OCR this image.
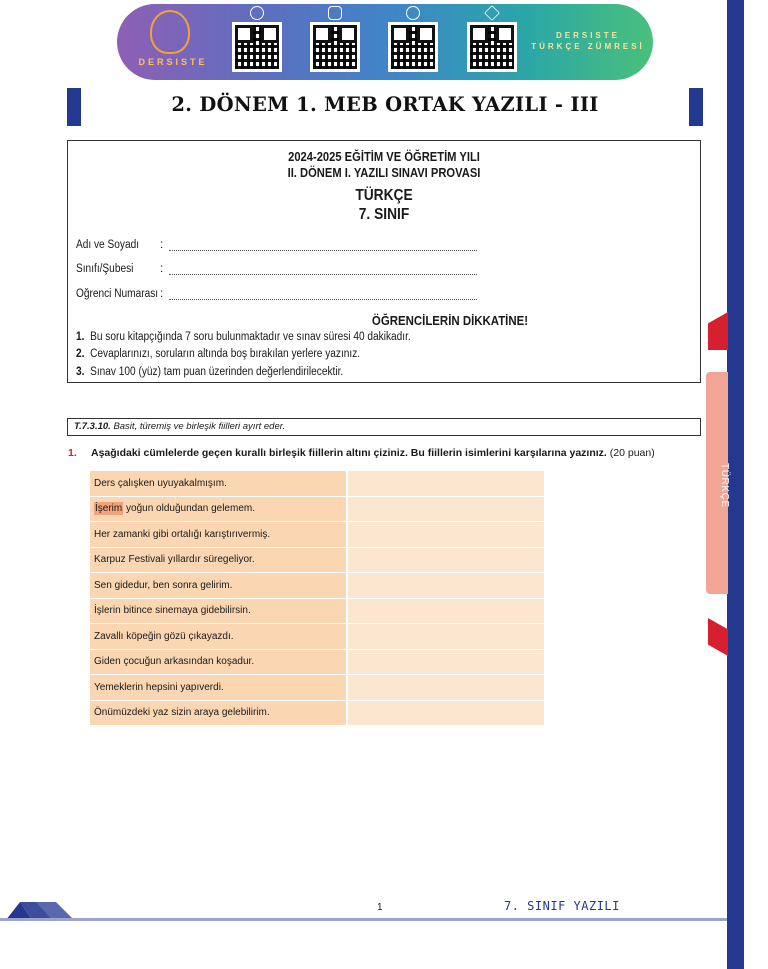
TÜRKÇE
DERSISTE
DERSISTE
TÜRKÇE ZÜMRESİ
2. DÖNEM 1. MEB ORTAK YAZILI - III
2024-2025 EĞİTİM VE ÖĞRETİM YILI
II. DÖNEM I. YAZILI SINAVI PROVASI
TÜRKÇE
7. SINIF
Adı ve Soyadı :
Sınıfı/Şubesi :
Öğrenci Numarası :
ÖĞRENCİLERİN DİKKATİNE!
1. Bu soru kitapçığında 7 soru bulunmaktadır ve sınav süresi 40 dakikadır.
2. Cevaplarınızı, soruların altında boş bırakılan yerlere yazınız.
3. Sınav 100 (yüz) tam puan üzerinden değerlendirilecektir.
T.7.3.10. Basit, türemiş ve birleşik fiilleri ayırt eder.
1. Aşağıdaki cümlelerde geçen kurallı birleşik fiillerin altını çiziniz. Bu fiillerin isimlerini karşılarına yazınız. (20 puan)
Ders çalışken uyuyakalmışım.	
İşerim yoğun olduğundan gelemem.	
Her zamanki gibi ortalığı karıştırıvermiş.	
Karpuz Festivali yıllardır süregeliyor.	
Sen gidedur, ben sonra gelirim.	
İşlerin bitince sinemaya gidebilirsin.	
Zavallı köpeğin gözü çıkayazdı.	
Giden çocuğun arkasından koşadur.	
Yemeklerin hepsini yapıverdi.	
Önümüzdeki yaz sizin araya gelebilirim.	
1	7. SINIF YAZILI
